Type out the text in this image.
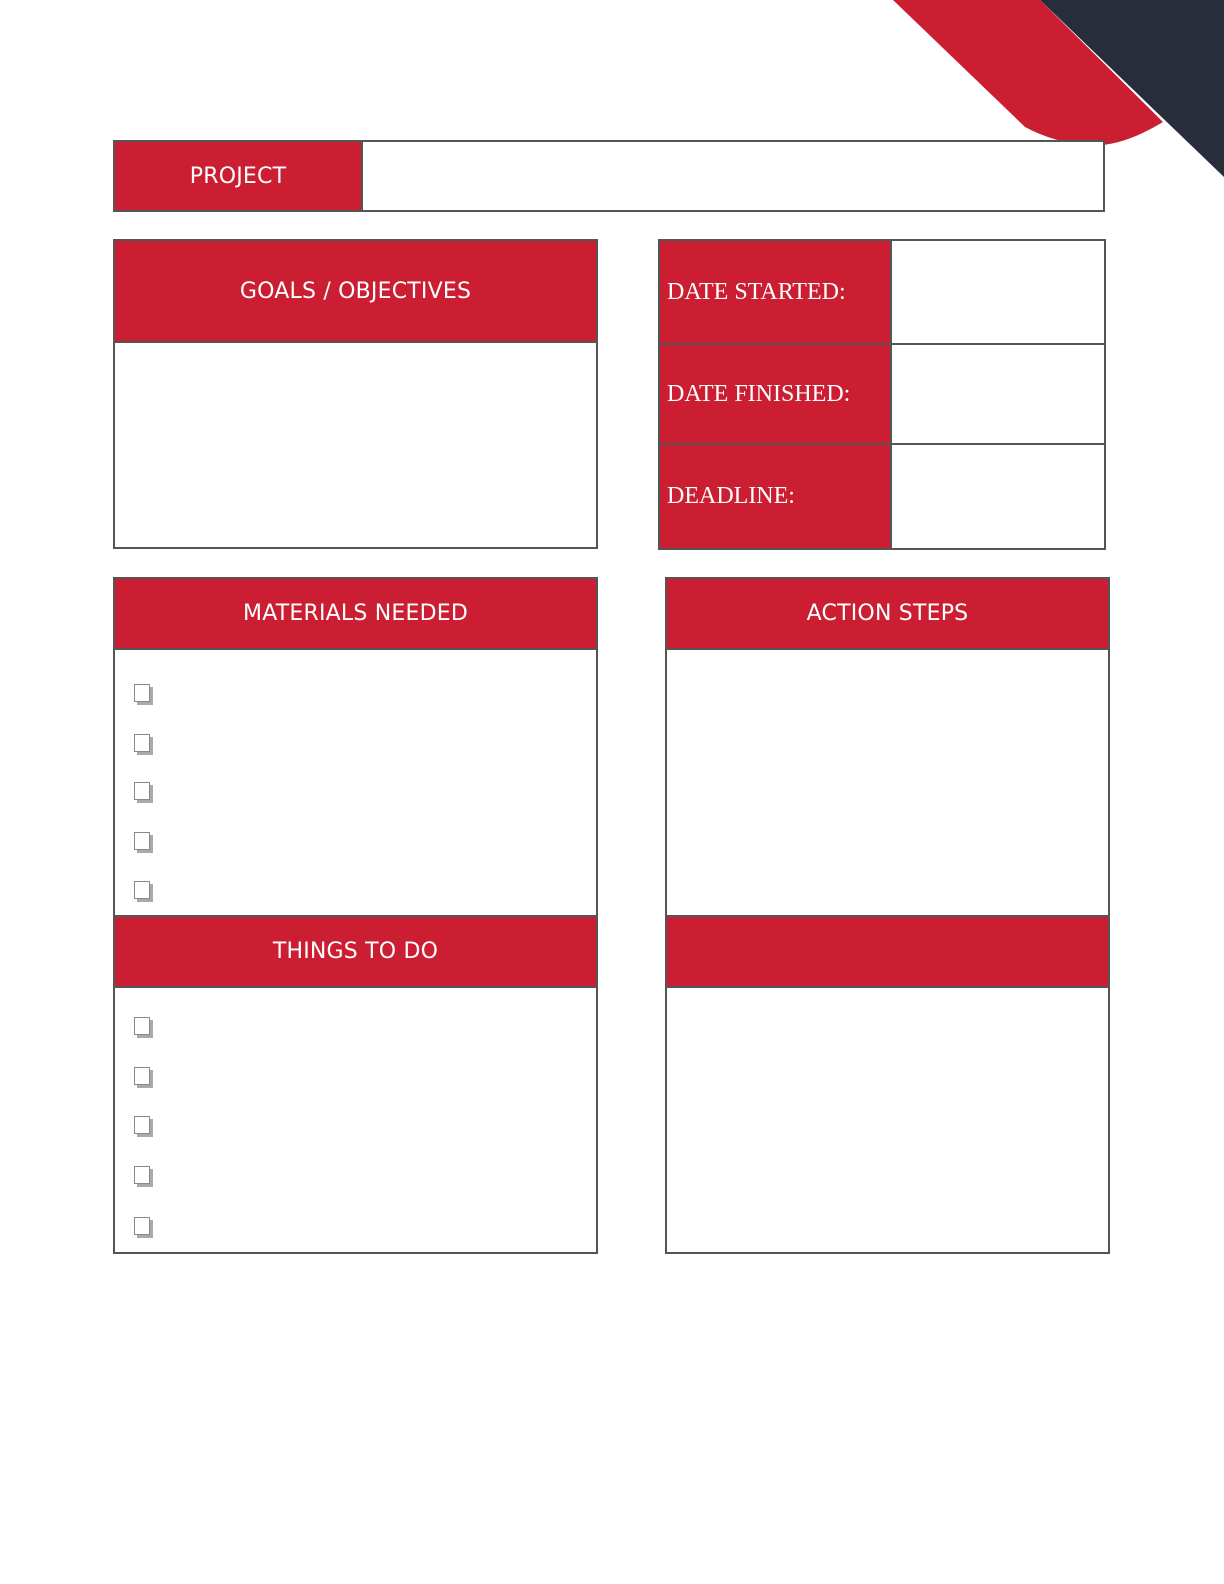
PROJECT
GOALS / OBJECTIVES	DATE STARTED:
DATE FINISHED:
DEADLINE:
MATERIALS NEEDED
THINGS TO DO
ACTION STEPS
